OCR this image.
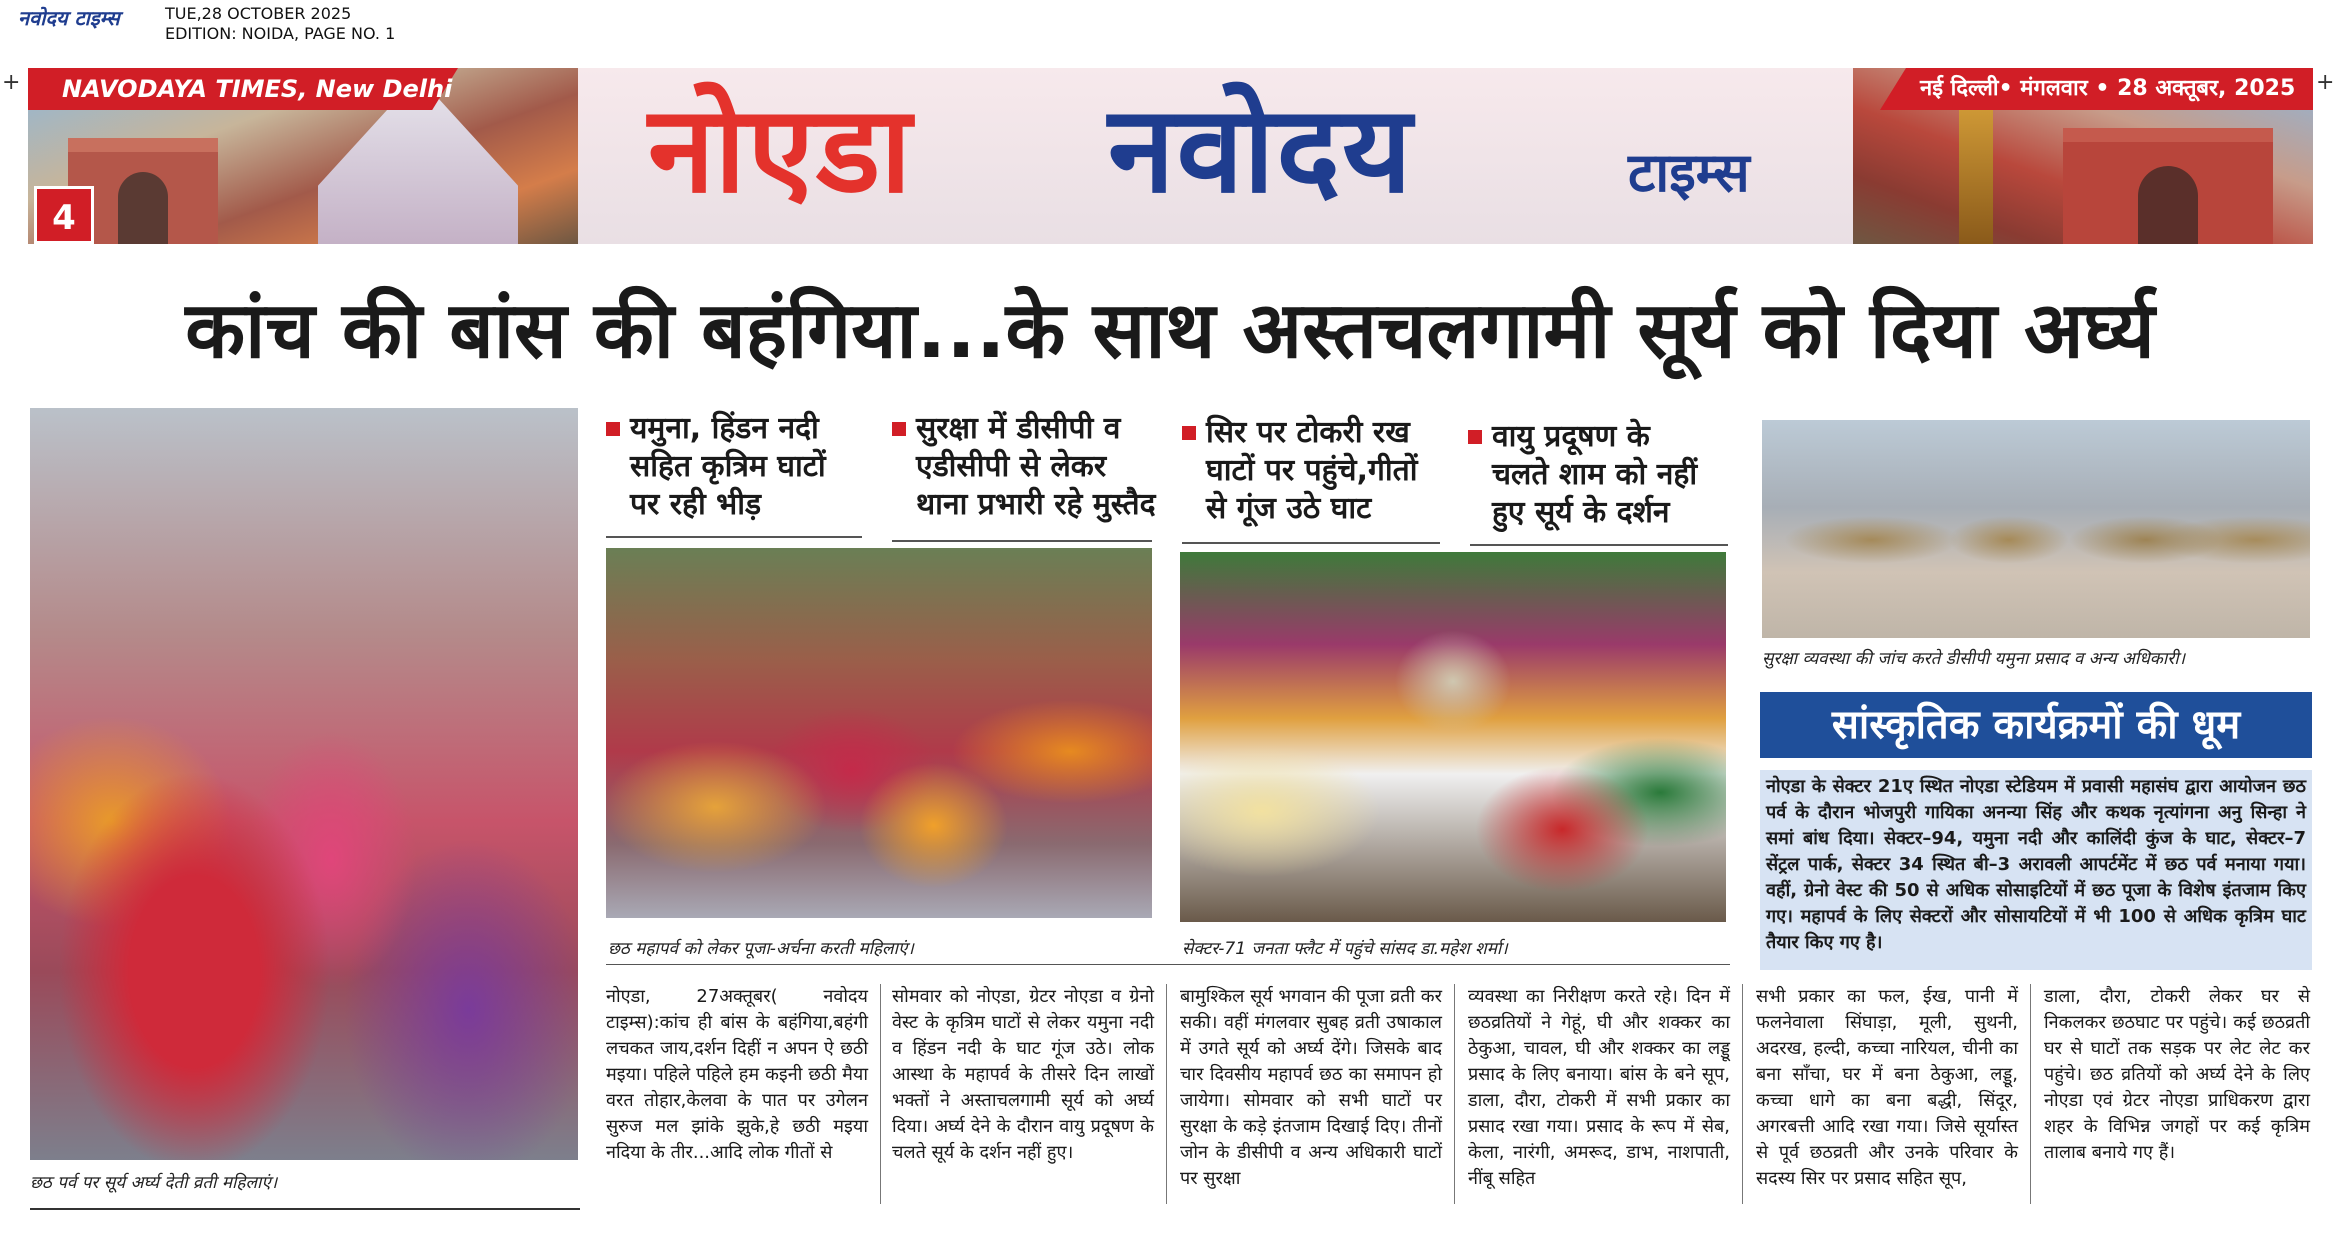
नवोदय टाइम्स	TUE,28 OCTOBER 2025
EDITION: NOIDA, PAGE NO. 1
+	+
नोएडा नवोदय	टाइम्स
NAVODAYA TIMES, New Delhi	नई दिल्ली• मंगलवार • 28 अक्तूबर, 2025
4
कांच की बांस की बहंगिया...के साथ अस्तचलगामी सूर्य को दिया अर्घ्य
छठ पर्व पर सूर्य अर्घ्य देती व्रती महिलाएं।
यमुना, हिंडन नदी
सहित कृत्रिम घाटों
पर रही भीड़
सुरक्षा में डीसीपी व
एडीसीपी से लेकर
थाना प्रभारी रहे मुस्तैद
सिर पर टोकरी रख
घाटों पर पहुंचे,गीतों
से गूंज उठे घाट
वायु प्रदूषण के
चलते शाम को नहीं
हुए सूर्य के दर्शन
छठ महापर्व को लेकर पूजा-अर्चना करती महिलाएं।	सेक्टर-71 जनता फ्लैट में पहुंचे सांसद डा.महेश शर्मा।
सुरक्षा व्यवस्था की जांच करते डीसीपी यमुना प्रसाद व अन्य अधिकारी।
सांस्कृतिक कार्यक्रमों की धूम
नोएडा के सेक्टर 21ए स्थित नोएडा स्टेडियम में प्रवासी महासंघ द्वारा आयोजन छठ पर्व के दौरान भोजपुरी गायिका अनन्या सिंह और कथक नृत्यांगना अनु सिन्हा ने समां बांध दिया। सेक्टर–94, यमुना नदी और कालिंदी कुंज के घाट, सेक्टर–7 सेंट्रल पार्क, सेक्टर 34 स्थित बी–3 अरावली आपर्टमेंट में छठ पर्व मनाया गया। वहीं, ग्रेनो वेस्ट की 50 से अधिक सोसाइटियों में छठ पूजा के विशेष इंतजाम किए गए। महापर्व के लिए सेक्टरों और सोसायटियों में भी 100 से अधिक कृत्रिम घाट तैयार किए गए है।
नोएडा, 27अक्तूबर( नवोदय टाइम्स):कांच ही बांस के बहंगिया,बहंगी लचकत जाय,दर्शन दिहीं न अपन ऐ छठी मइया। पहिले पहिले हम कइनी छठी मैया वरत तोहार,केलवा के पात पर उगेलन सुरुज मल झांके झुके,हे छठी मइया नदिया के तीर...आदि लोक गीतों से
सोमवार को नोएडा, ग्रेटर नोएडा व ग्रेनो वेस्ट के कृत्रिम घाटों से लेकर यमुना नदी व हिंडन नदी के घाट गूंज उठे। लोक आस्था के महापर्व के तीसरे दिन लाखों भक्तों ने अस्ताचलगामी सूर्य को अर्घ्य दिया। अर्घ्य देने के दौरान वायु प्रदूषण के चलते सूर्य के दर्शन नहीं हुए।
बामुश्किल सूर्य भगवान की पूजा व्रती कर सकी। वहीं मंगलवार सुबह व्रती उषाकाल में उगते सूर्य को अर्घ्य देंगे। जिसके बाद चार दिवसीय महापर्व छठ का समापन हो जायेगा। सोमवार को सभी घाटों पर सुरक्षा के कड़े इंतजाम दिखाई दिए। तीनों जोन के डीसीपी व अन्य अधिकारी घाटों पर सुरक्षा
व्यवस्था का निरीक्षण करते रहे। दिन में छठव्रतियों ने गेहूं, घी और शक्कर का ठेकुआ, चावल, घी और शक्कर का लड्डू प्रसाद के लिए बनाया। बांस के बने सूप, डाला, दौरा, टोकरी में सभी प्रकार का प्रसाद रखा गया। प्रसाद के रूप में सेब, केला, नारंगी, अमरूद, डाभ, नाशपाती, नींबू सहित
सभी प्रकार का फल, ईख, पानी में फलनेवाला सिंघाड़ा, मूली, सुथनी, अदरख, हल्दी, कच्चा नारियल, चीनी का बना साँचा, घर में बना ठेकुआ, लड्डू, कच्चा धागे का बना बद्धी, सिंदूर, अगरबत्ती आदि रखा गया। जिसे सूर्यास्त से पूर्व छठव्रती और उनके परिवार के सदस्य सिर पर प्रसाद सहित सूप,
डाला, दौरा, टोकरी लेकर घर से निकलकर छठघाट पर पहुंचे। कई छठव्रती घर से घाटों तक सड़क पर लेट लेट कर पहुंचे। छठ व्रतियों को अर्घ्य देने के लिए नोएडा एवं ग्रेटर नोएडा प्राधिकरण द्वारा शहर के विभिन्न जगहों पर कई कृत्रिम तालाब बनाये गए हैं।
